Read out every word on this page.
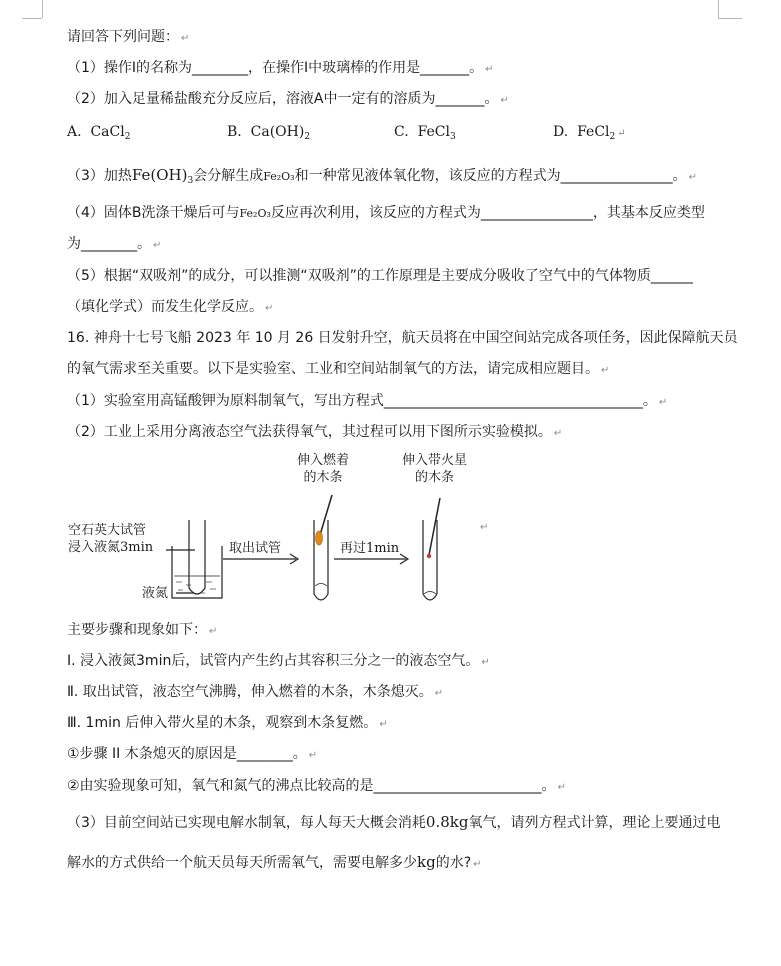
请回答下列问题： ↵
（1）操作Ⅰ的名称为________，在操作Ⅰ中玻璃棒的作用是_______。 ↵
（2）加入足量稀盐酸充分反应后，溶液A中一定有的溶质为_______。 ↵
A. CaCl$_2$	B. $Ca(OH)_2$	C. FeCl$_3$	D. FeCl$_2$ ↵
（3）加热$Fe(OH)_3$会分解生成Fe₂O₃和一种常见液体氧化物，该反应的方程式为________________。 ↵
（4）固体B洗涤干燥后可与Fe₂O₃反应再次利用，该反应的方程式为________________，其基本反应类型
为________。 ↵
（5）根据“双吸剂”的成分，可以推测“双吸剂”的工作原理是主要成分吸收了空气中的气体物质______
（填化学式）而发生化学反应。 ↵
16. 神舟十七号飞船 2023 年 10 月 26 日发射升空，航天员将在中国空间站完成各项任务，因此保障航天员
的氧气需求至关重要。以下是实验室、工业和空间站制氧气的方法，请完成相应题目。 ↵
（1）实验室用高锰酸钾为原料制氧气，写出方程式_____________________________________。 ↵
（2）工业上采用分离液态空气法获得氧气，其过程可以用下图所示实验模拟。 ↵
空石英大试管
浸入液氮3min
液氮
取出试管	再过1min
伸入燃着
的木条
伸入带火星
的木条
↵
主要步骤和现象如下： ↵
Ⅰ. 浸入液氮3min后，试管内产生约占其容积三分之一的液态空气。 ↵
Ⅱ. 取出试管，液态空气沸腾，伸入燃着的木条，木条熄灭。 ↵
Ⅲ. 1min 后伸入带火星的木条，观察到木条复燃。 ↵
①步骤 II 木条熄灭的原因是________。 ↵
②由实验现象可知，氧气和氮气的沸点比较高的是________________________。 ↵
（3）目前空间站已实现电解水制氧，每人每天大概会消耗0.8kg氧气，请列方程式计算，理论上要通过电
解水的方式供给一个航天员每天所需氧气，需要电解多少kg的水? ↵
